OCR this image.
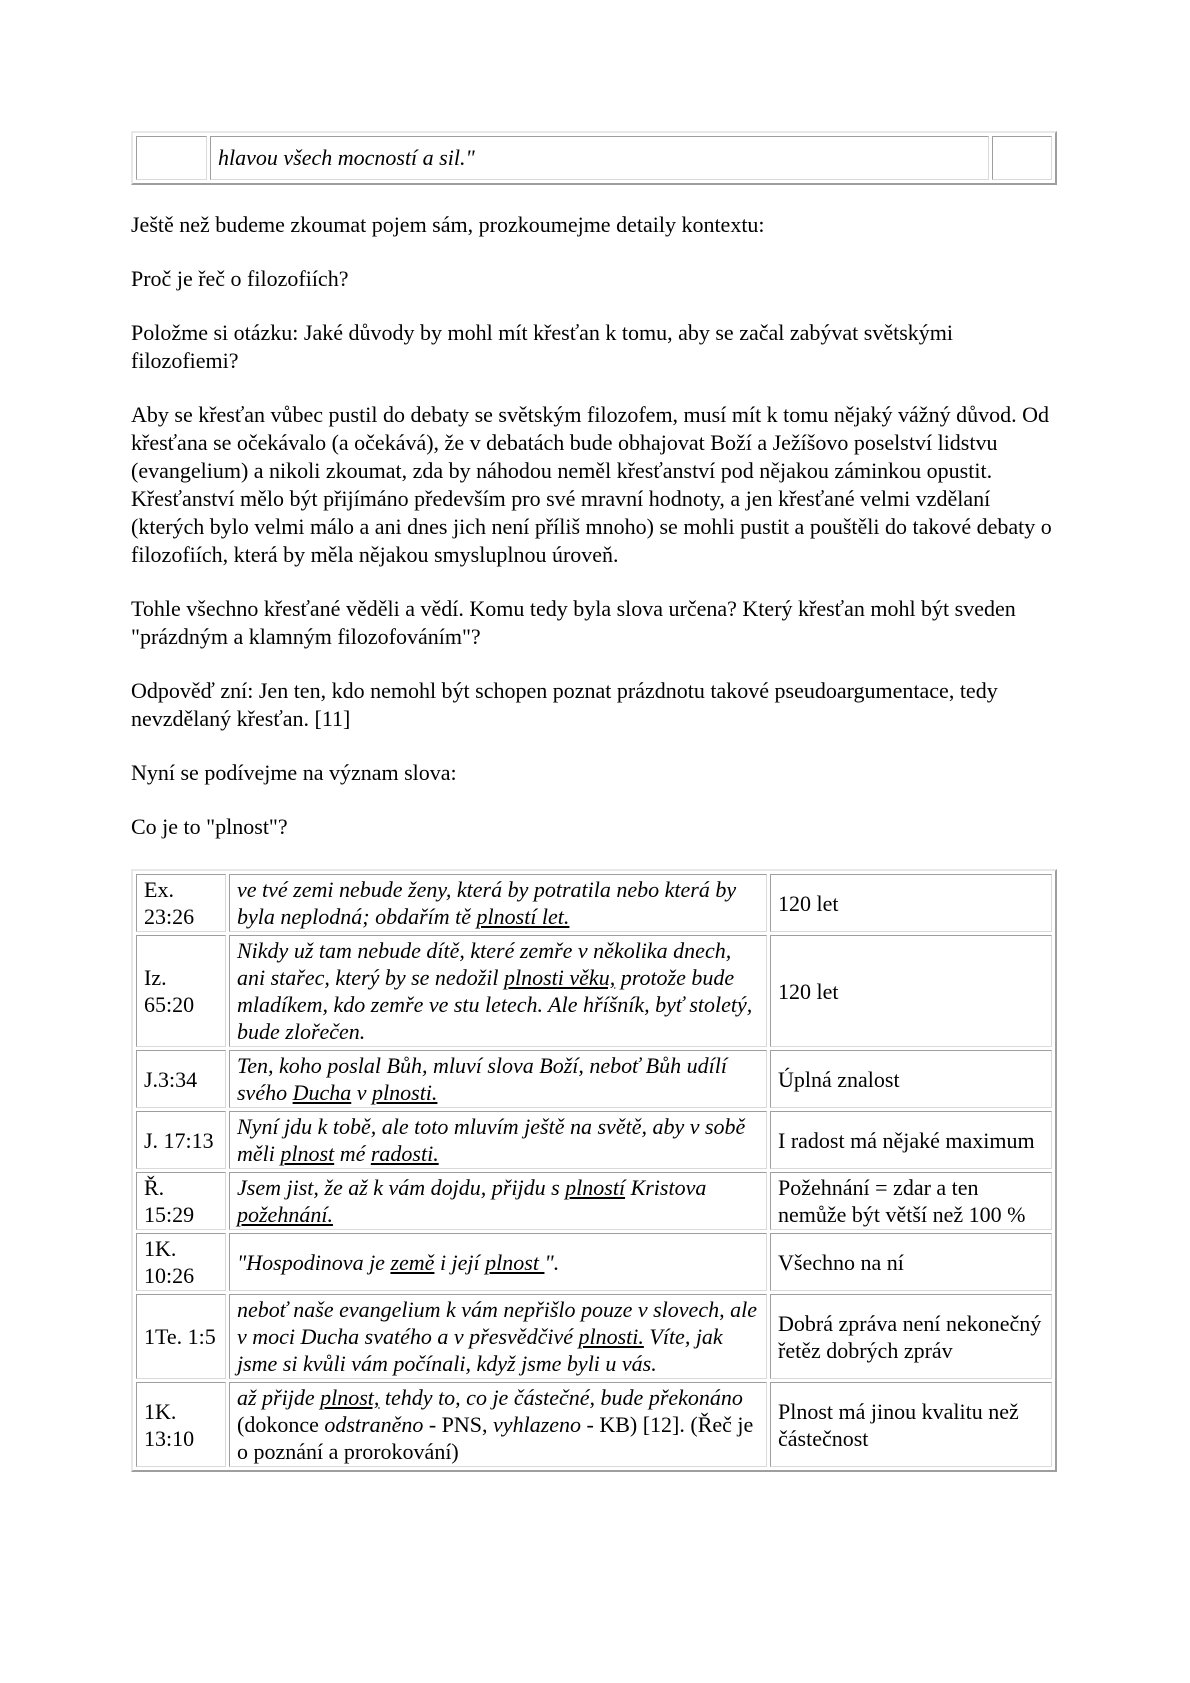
	hlavou všech mocností a sil."	

Ještě než budeme zkoumat pojem sám, prozkoumejme detaily kontextu:

Proč je řeč o filozofiích?

Položme si otázku: Jaké důvody by mohl mít křesťan k tomu, aby se začal zabývat světskými filozofiemi?

Aby se křesťan vůbec pustil do debaty se světským filozofem, musí mít k tomu nějaký vážný důvod. Od křesťana se očekávalo (a očekává), že v debatách bude obhajovat Boží a Ježíšovo poselství lidstvu (evangelium) a nikoli zkoumat, zda by náhodou neměl křesťanství pod nějakou záminkou opustit. Křesťanství mělo být přijímáno především pro své mravní hodnoty, a jen křesťané velmi vzdělaní (kterých bylo velmi málo a ani dnes jich není příliš mnoho) se mohli pustit a pouštěli do takové debaty o filozofiích, která by měla nějakou smysluplnou úroveň.

Tohle všechno křesťané věděli a vědí. Komu tedy byla slova určena? Který křesťan mohl být sveden "prázdným a klamným filozofováním"?

Odpověď zní: Jen ten, kdo nemohl být schopen poznat prázdnotu takové pseudoargumentace, tedy nevzdělaný křesťan. [11]

Nyní se podívejme na význam slova:

Co je to "plnost"?

Ex. 23:26	ve tvé zemi nebude ženy, která by potratila nebo která by byla neplodná; obdařím tě plností let.	120 let
Iz. 65:20	Nikdy už tam nebude dítě, které zemře v několika dnech, ani stařec, který by se nedožil plnosti věku, protože bude mladíkem, kdo zemře ve stu letech. Ale hříšník, byť stoletý, bude zlořečen.	120 let
J.3:34	Ten, koho poslal Bůh, mluví slova Boží, neboť Bůh udílí svého Ducha v plnosti.	Úplná znalost
J. 17:13	Nyní jdu k tobě, ale toto mluvím ještě na světě, aby v sobě měli plnost mé radosti.	I radost má nějaké maximum
Ř. 15:29	Jsem jist, že až k vám dojdu, přijdu s plností Kristova požehnání.	Požehnání = zdar a ten nemůže být větší než 100 %
1K. 10:26	"Hospodinova je země i její plnost ".	Všechno na ní
1Te. 1:5	neboť naše evangelium k vám nepřišlo pouze v slovech, ale v moci Ducha svatého a v přesvědčivé plnosti. Víte, jak jsme si kvůli vám počínali, když jsme byli u vás.	Dobrá zpráva není nekonečný řetěz dobrých zpráv
1K. 13:10	až přijde plnost, tehdy to, co je částečné, bude překonáno (dokonce odstraněno - PNS, vyhlazeno - KB) [12]. (Řeč je o poznání a prorokování)	Plnost má jinou kvalitu než částečnost
